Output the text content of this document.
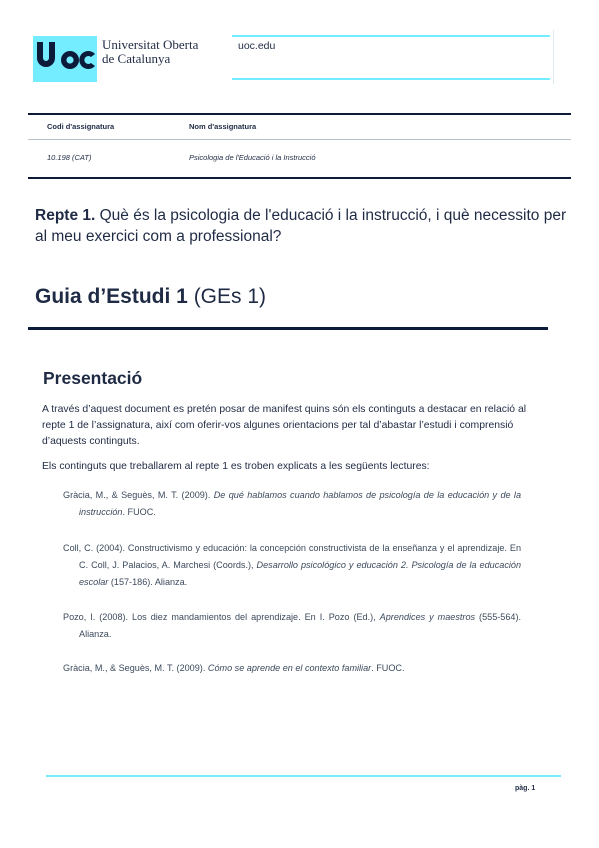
Universitat Oberta
de Catalunya
uoc.edu
Codi d'assignatura	Nom d'assignatura
10.198 (CAT)	Psicologia de l'Educació i la Instrucció
Repte 1. Què és la psicologia de l'educació i la instrucció, i què necessito per al meu exercici com a professional?
Guia d’Estudi 1 (GEs 1)
Presentació
A través d’aquest document es pretén posar de manifest quins són els continguts a destacar en relació al repte 1 de l’assignatura, així com oferir-vos algunes orientacions per tal d’abastar l’estudi i comprensió d’aquests continguts.
Els continguts que treballarem al repte 1 es troben explicats a les següents lectures:
Gràcia, M., & Seguès, M. T. (2009). De qué hablamos cuando hablamos de psicología de la educación y de la instrucción. FUOC.
Coll, C. (2004). Constructivismo y educación: la concepción constructivista de la enseñanza y el aprendizaje. En C. Coll, J. Palacios, A. Marchesi (Coords.), Desarrollo psicológico y educación 2. Psicología de la educación escolar (157-186). Alianza.
Pozo, I. (2008). Los diez mandamientos del aprendizaje. En I. Pozo (Ed.), Aprendices y maestros (555-564). Alianza.
Gràcia, M., & Seguès, M. T. (2009). Cómo se aprende en el contexto familiar. FUOC.
pàg. 1
